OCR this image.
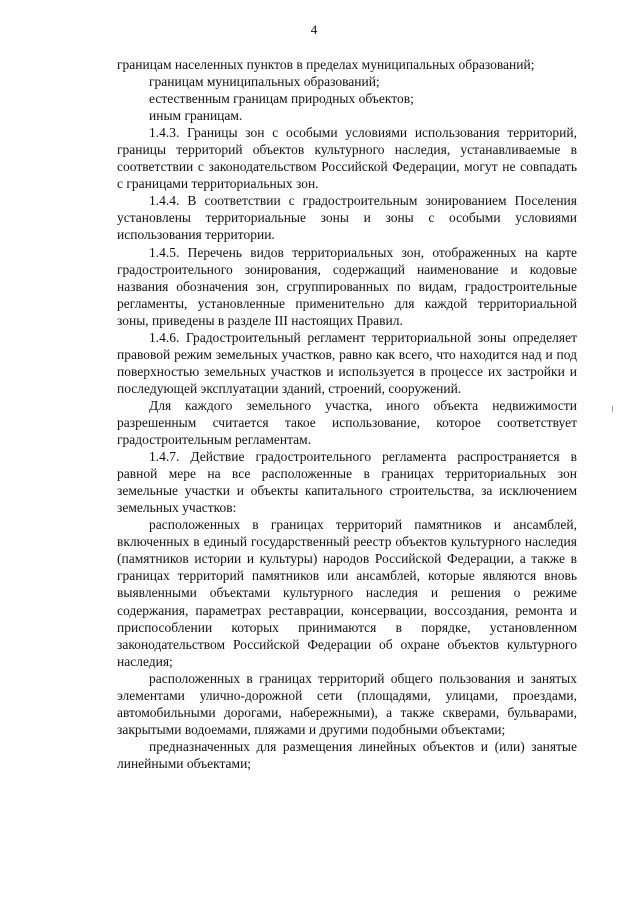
4

границам населенных пунктов в пределах муниципальных образований;

границам муниципальных образований;

естественным границам природных объектов;

иным границам.

1.4.3. Границы зон с особыми условиями использования территорий, границы территорий объектов культурного наследия, устанавливаемые в соответствии с законодательством Российской Федерации, могут не совпадать с границами территориальных зон.

1.4.4. В соответствии с градостроительным зонированием Поселения установлены территориальные зоны и зоны с особыми условиями использования территории.

1.4.5. Перечень видов территориальных зон, отображенных на карте градостроительного зонирования, содержащий наименование и кодовые названия обозначения зон, сгруппированных по видам, градостроительные регламенты, установленные применительно для каждой территориальной зоны, приведены в разделе III настоящих Правил.

1.4.6. Градостроительный регламент территориальной зоны определяет правовой режим земельных участков, равно как всего, что находится над и под поверхностью земельных участков и используется в процессе их застройки и последующей эксплуатации зданий, строений, сооружений.

Для каждого земельного участка, иного объекта недвижимости разрешенным считается такое использование, которое соответствует градостроительным регламентам.

1.4.7. Действие градостроительного регламента распространяется в равной мере на все расположенные в границах территориальных зон земельные участки и объекты капитального строительства, за исключением земельных участков:

расположенных в границах территорий памятников и ансамблей, включенных в единый государственный реестр объектов культурного наследия (памятников истории и культуры) народов Российской Федерации, а также в границах территорий памятников или ансамблей, которые являются вновь выявленными объектами культурного наследия и решения о режиме содержания, параметрах реставрации, консервации, воссоздания, ремонта и приспособлении которых принимаются в порядке, установленном законодательством Российской Федерации об охране объектов культурного наследия;

расположенных в границах территорий общего пользования и занятых элементами улично-дорожной сети (площадями, улицами, проездами, автомобильными дорогами, набережными), а также скверами, бульварами, закрытыми водоемами, пляжами и другими подобными объектами;

предназначенных для размещения линейных объектов и (или) занятые линейными объектами;
